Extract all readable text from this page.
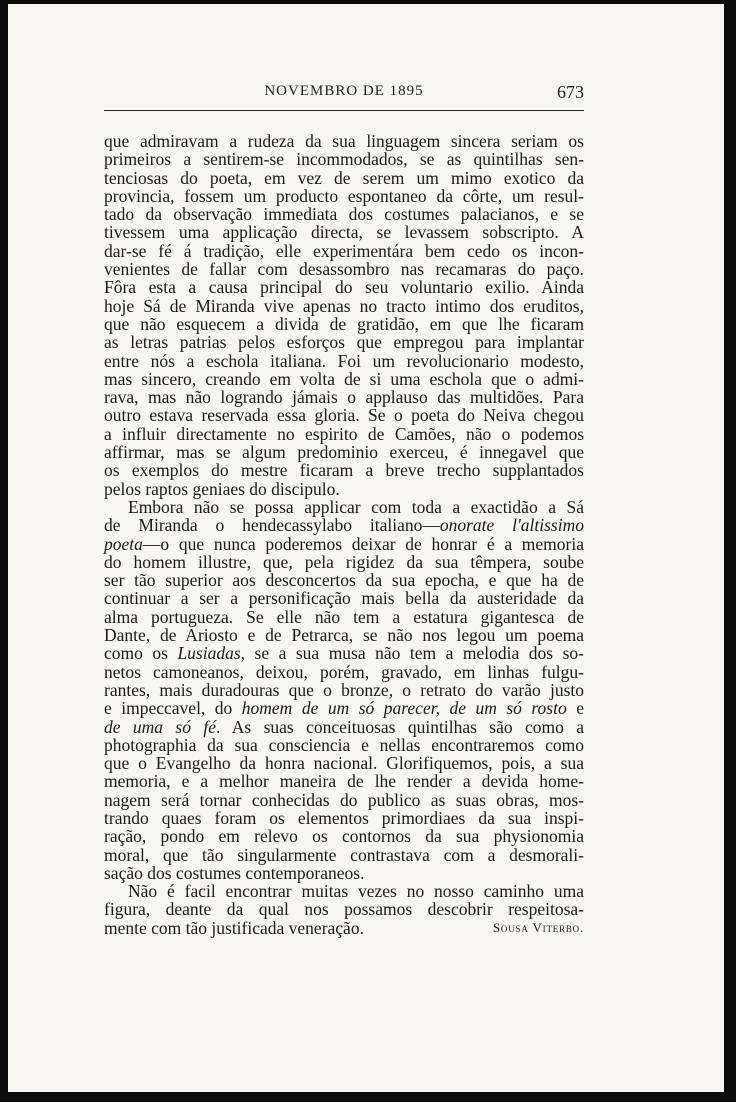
NOVEMBRO DE 1895	673

que admiravam a rudeza da sua linguagem sincera seriam os

primeiros a sentirem-se incommodados, se as quintilhas sen-

tenciosas do poeta, em vez de serem um mimo exotico da

provincia, fossem um producto espontaneo da côrte, um resul-

tado da observação immediata dos costumes palacianos, e se

tivessem uma applicação directa, se levassem sobscripto. A

dar-se fé á tradição, elle experimentára bem cedo os incon-

venientes de fallar com desassombro nas recamaras do paço.

Fôra esta a causa principal do seu voluntario exilio. Ainda

hoje Sá de Miranda vive apenas no tracto intimo dos eruditos,

que não esquecem a divida de gratidão, em que lhe ficaram

as letras patrias pelos esforços que empregou para implantar

entre nós a eschola italiana. Foi um revolucionario modesto,

mas sincero, creando em volta de si uma eschola que o admi-

rava, mas não logrando jámais o applauso das multidões. Para

outro estava reservada essa gloria. Se o poeta do Neiva chegou

a influir directamente no espirito de Camões, não o podemos

affirmar, mas se algum predominio exerceu, é innegavel que

os exemplos do mestre ficaram a breve trecho supplantados

pelos raptos geniaes do discipulo.

Embora não se possa applicar com toda a exactidão a Sá

de Miranda o hendecassylabo italiano—onorate l'altissimo

poeta—o que nunca poderemos deixar de honrar é a memoria

do homem illustre, que, pela rigidez da sua têmpera, soube

ser tão superior aos desconcertos da sua epocha, e que ha de

continuar a ser a personificação mais bella da austeridade da

alma portugueza. Se elle não tem a estatura gigantesca de

Dante, de Ariosto e de Petrarca, se não nos legou um poema

como os Lusiadas, se a sua musa não tem a melodia dos so-

netos camoneanos, deixou, porém, gravado, em linhas fulgu-

rantes, mais duradouras que o bronze, o retrato do varão justo

e impeccavel, do homem de um só parecer, de um só rosto e

de uma só fé. As suas conceituosas quintilhas são como a

photographia da sua consciencia e nellas encontraremos como

que o Evangelho da honra nacional. Glorifiquemos, pois, a sua

memoria, e a melhor maneira de lhe render a devida home-

nagem será tornar conhecidas do publico as suas obras, mos-

trando quaes foram os elementos primordiaes da sua inspi-

ração, pondo em relevo os contornos da sua physionomia

moral, que tão singularmente contrastava com a desmorali-

sação dos costumes contemporaneos.

Não é facil encontrar muitas vezes no nosso caminho uma

figura, deante da qual nos possamos descobrir respeitosa-

mente com tão justificada veneração.	Sousa Viterbo.
